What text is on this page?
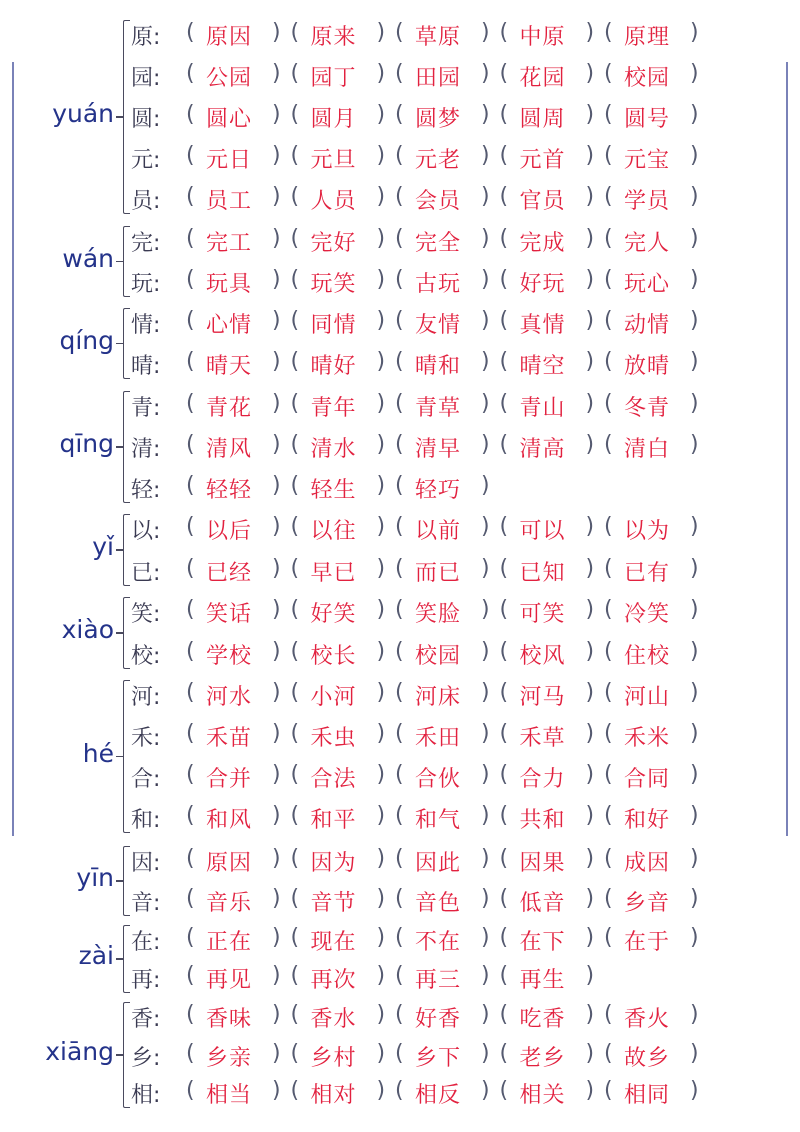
yuán
原: ( 原因 ) ( 原来 ) ( 草原 ) ( 中原 ) ( 原理 )
园: ( 公园 ) ( 园丁 ) ( 田园 ) ( 花园 ) ( 校园 )
圆: ( 圆心 ) ( 圆月 ) ( 圆梦 ) ( 圆周 ) ( 圆号 )
元: ( 元日 ) ( 元旦 ) ( 元老 ) ( 元首 ) ( 元宝 )
员: ( 员工 ) ( 人员 ) ( 会员 ) ( 官员 ) ( 学员 )
wán 完: ( 完工 ) ( 完好 ) ( 完全 ) ( 完成 ) ( 完人 )
玩: ( 玩具 ) ( 玩笑 ) ( 古玩 ) ( 好玩 ) ( 玩心 )
qíng 情: ( 心情 ) ( 同情 ) ( 友情 ) ( 真情 ) ( 动情 )
晴: ( 晴天 ) ( 晴好 ) ( 晴和 ) ( 晴空 ) ( 放晴 )
qīng
青: ( 青花 ) ( 青年 ) ( 青草 ) ( 青山 ) ( 冬青 )
清: ( 清风 ) ( 清水 ) ( 清早 ) ( 清高 ) ( 清白 )
轻: ( 轻轻 ) ( 轻生 ) ( 轻巧 )
yǐ
以: ( 以后 ) ( 以往 ) ( 以前 ) ( 可以 ) ( 以为 )
已: ( 已经 ) ( 早已 ) ( 而已 ) ( 已知 ) ( 已有 )
xiào
笑: ( 笑话 ) ( 好笑 ) ( 笑脸 ) ( 可笑 ) ( 冷笑 )
校: ( 学校 ) ( 校长 ) ( 校园 ) ( 校风 ) ( 住校 )
hé
河: ( 河水 ) ( 小河 ) ( 河床 ) ( 河马 ) ( 河山 )
禾: ( 禾苗 ) ( 禾虫 ) ( 禾田 ) ( 禾草 ) ( 禾米 )
合: ( 合并 ) ( 合法 ) ( 合伙 ) ( 合力 ) ( 合同 )
和: ( 和风 ) ( 和平 ) ( 和气 ) ( 共和 ) ( 和好 )
yīn 因: ( 原因 ) ( 因为 ) ( 因此 ) ( 因果 ) ( 成因 )
音: ( 音乐 ) ( 音节 ) ( 音色 ) ( 低音 ) ( 乡音 )
zài 在: ( 正在 ) ( 现在 ) ( 不在 ) ( 在下 ) ( 在于 )
再: ( 再见 ) ( 再次 ) ( 再三 ) ( 再生 )
xiāng
香: ( 香味 ) ( 香水 ) ( 好香 ) ( 吃香 ) ( 香火 )
乡: ( 乡亲 ) ( 乡村 ) ( 乡下 ) ( 老乡 ) ( 故乡 )
相: ( 相当 ) ( 相对 ) ( 相反 ) ( 相关 ) ( 相同 )
